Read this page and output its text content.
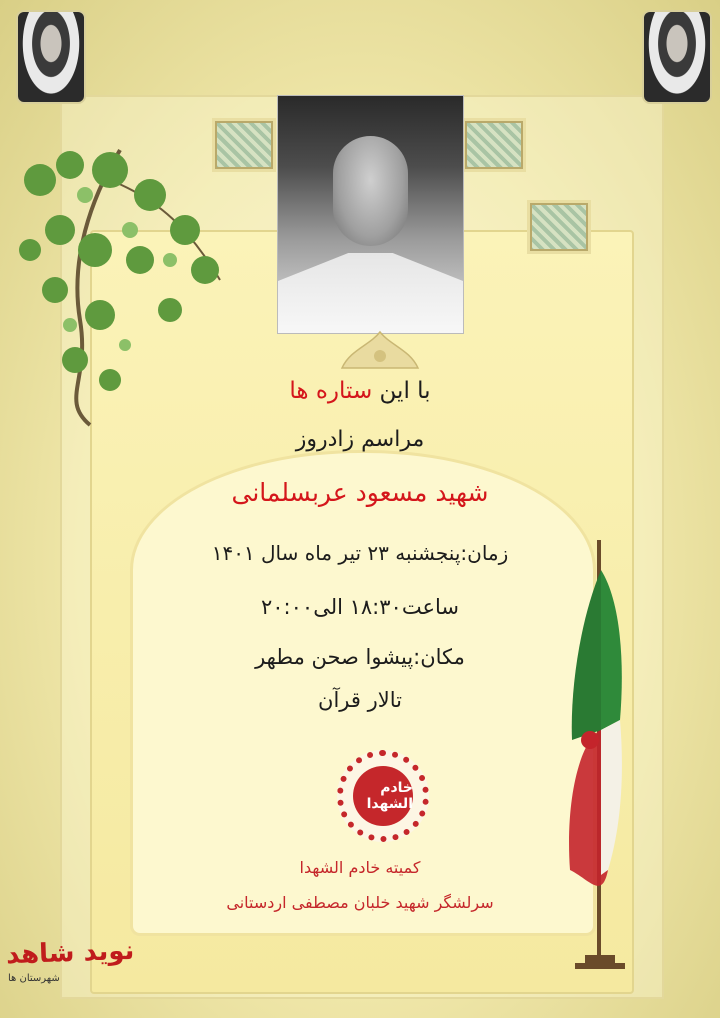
با این ستاره ها
مراسم زادروز
شهید مسعود عربسلمانی
زمان:پنجشنبه ۲۳ تیر ماه سال ۱۴۰۱
ساعت۱۸:۳۰ الی۲۰:۰۰
مکان:پیشوا صحن مطهر
تالار قرآن
خادم الشهدا
کمیته خادم الشهدا
سرلشگر شهید خلبان مصطفی اردستانی
نوید شاهد
شهرستان ها
